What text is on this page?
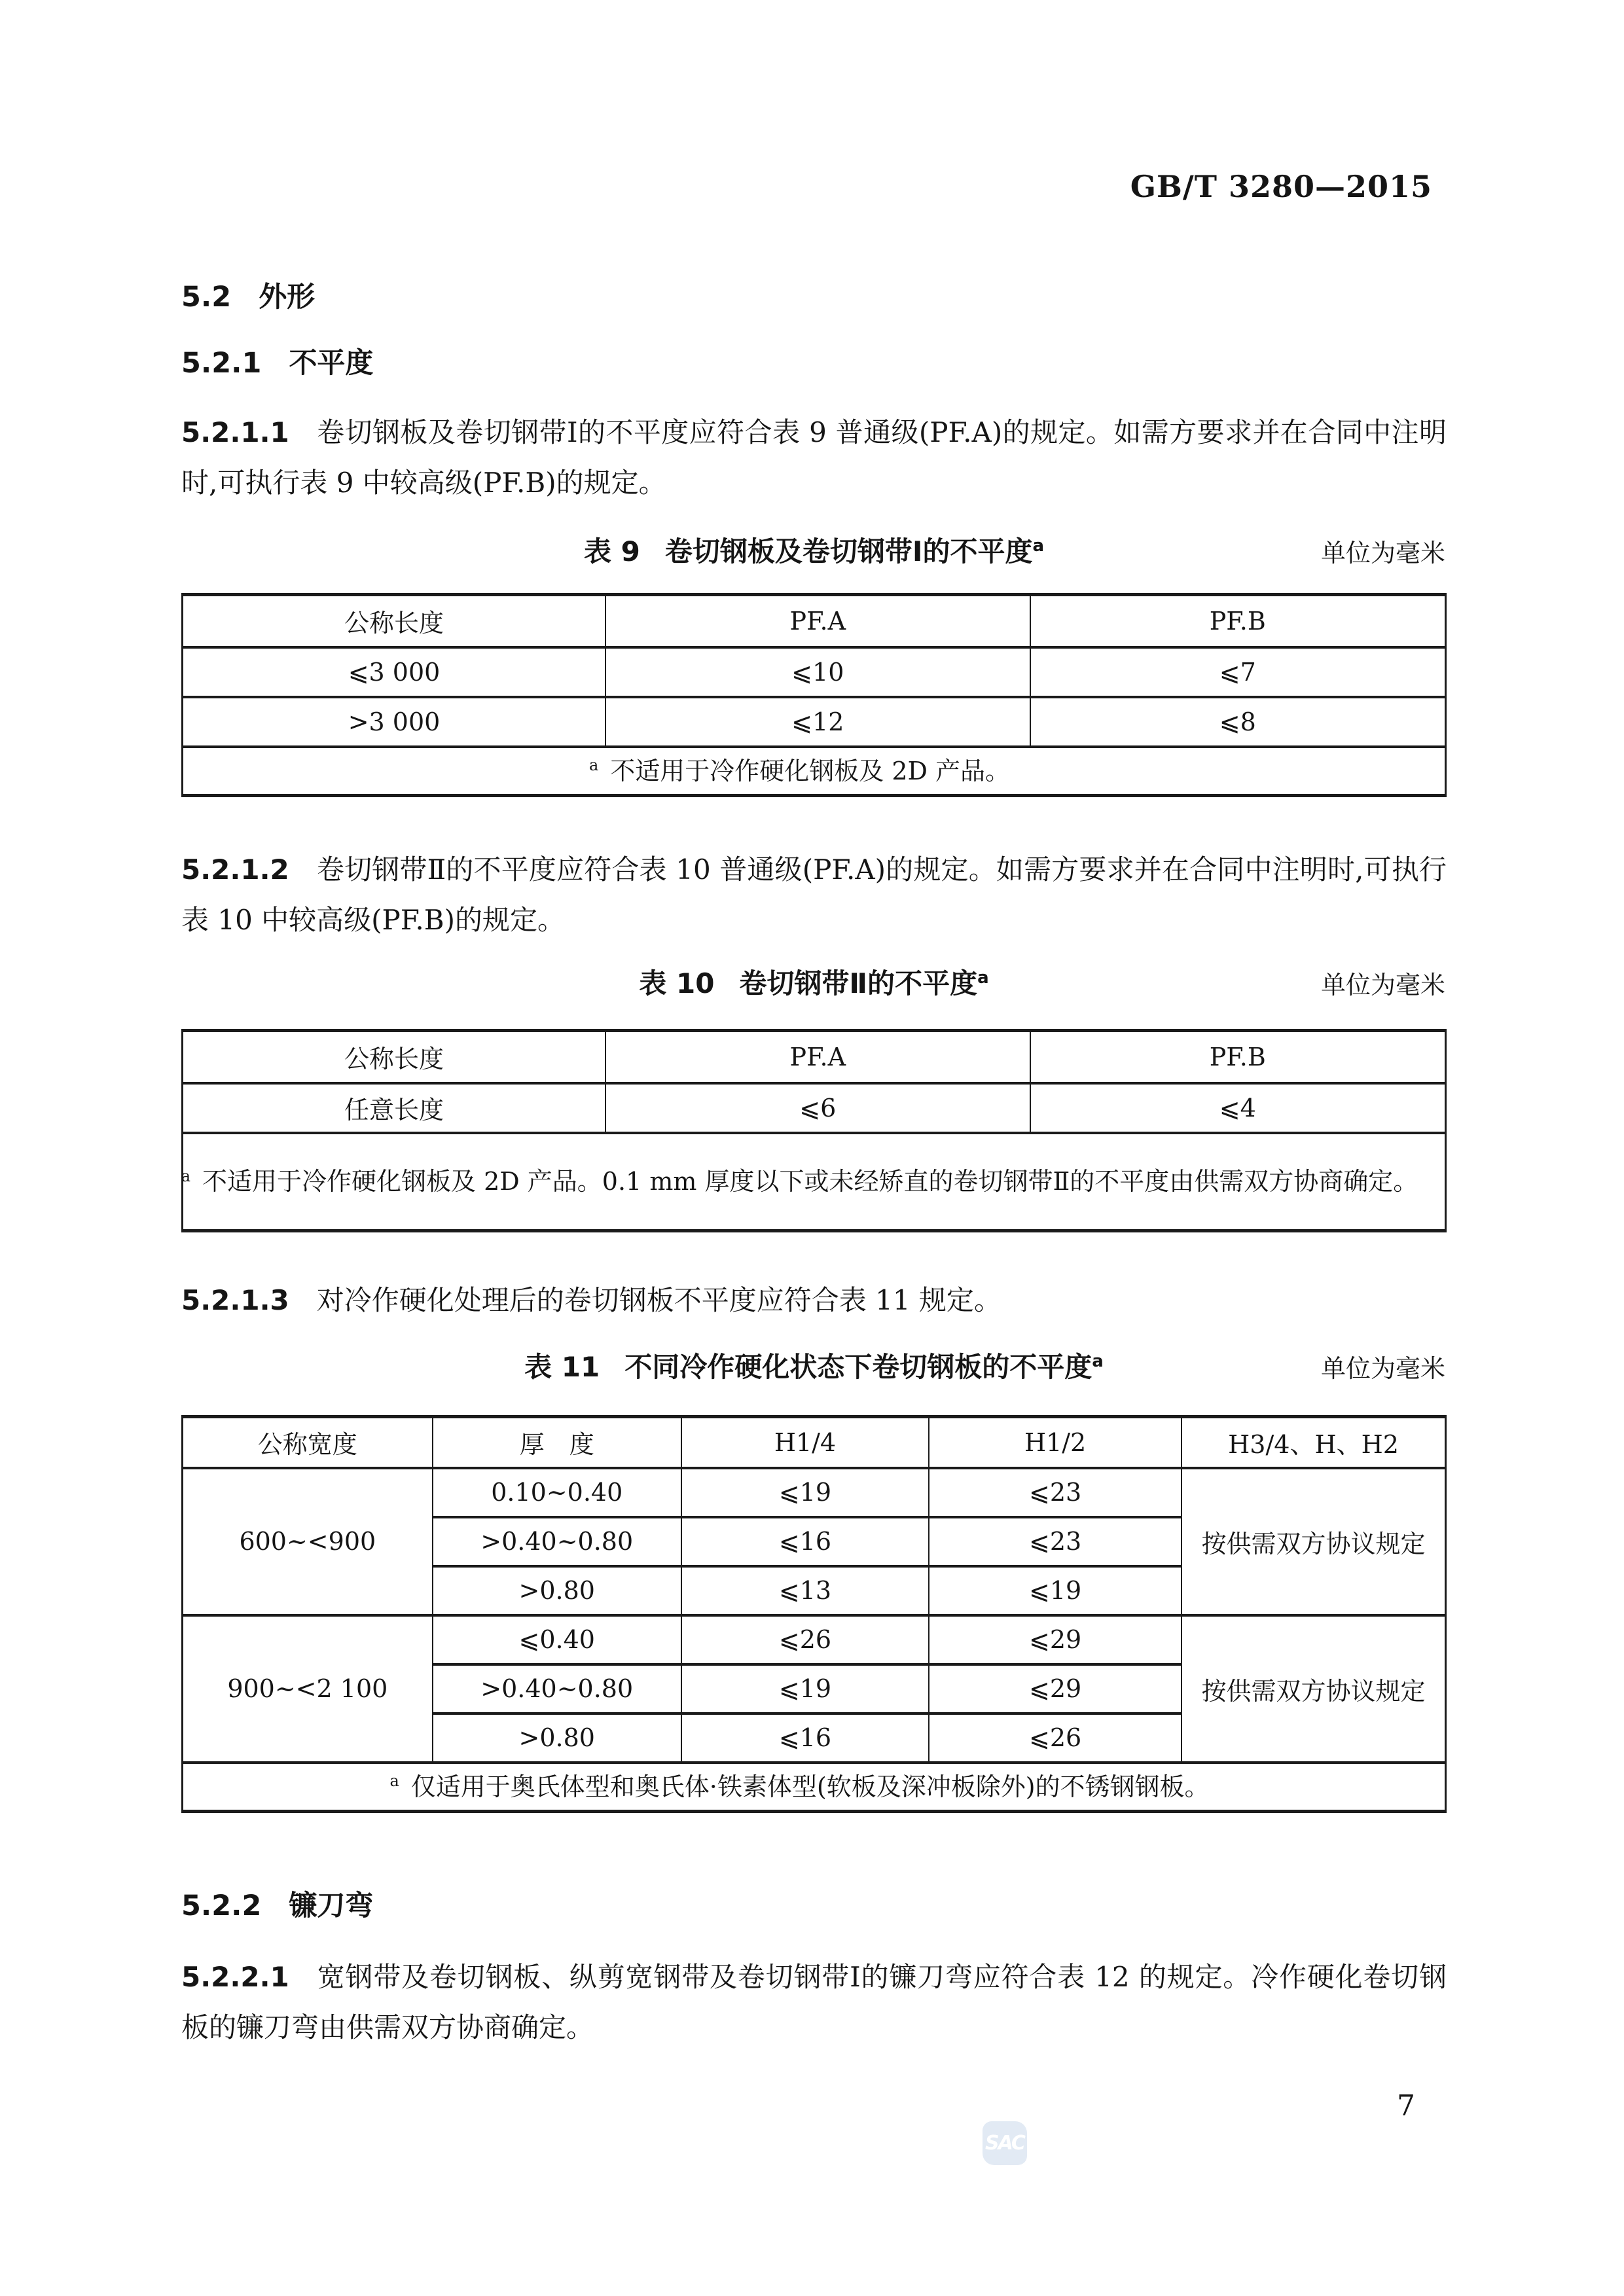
GB/T 3280—2015
5.2 外形
5.2.1 不平度
5.2.1.1 卷切钢板及卷切钢带Ⅰ的不平度应符合表 9 普通级(PF.A)的规定。如需方要求并在合同中注明时,可执行表 9 中较高级(PF.B)的规定。
表 9 卷切钢板及卷切钢带Ⅰ的不平度$^a$	单位为毫米
公称长度	PF.A	PF.B
⩽3 000	⩽10	⩽7
>3 000	⩽12	⩽8
$^a$ 不适用于冷作硬化钢板及 2D 产品。		
5.2.1.2 卷切钢带Ⅱ的不平度应符合表 10 普通级(PF.A)的规定。如需方要求并在合同中注明时,可执行表 10 中较高级(PF.B)的规定。
表 10 卷切钢带Ⅱ的不平度$^a$	单位为毫米
公称长度	PF.A	PF.B
任意长度	⩽6	⩽4
$^a$ 不适用于冷作硬化钢板及 2D 产品。0.1 mm 厚度以下或未经矫直的卷切钢带Ⅱ的不平度由供需双方协商确定。		
5.2.1.3 对冷作硬化处理后的卷切钢板不平度应符合表 11 规定。
表 11 不同冷作硬化状态下卷切钢板的不平度$^a$	单位为毫米
公称宽度	厚　度	H1/4	H1/2	H3/4、H、H2
600~<900	0.10~0.40	⩽19	⩽23	按供需双方协议规定
	>0.40~0.80	⩽16	⩽23	
	>0.80	⩽13	⩽19	
900~<2 100	⩽0.40	⩽26	⩽29	按供需双方协议规定
	>0.40~0.80	⩽19	⩽29	
	>0.80	⩽16	⩽26	
$^a$ 仅适用于奥氏体型和奥氏体·铁素体型(软板及深冲板除外)的不锈钢钢板。				
5.2.2 镰刀弯
5.2.2.1 宽钢带及卷切钢板、纵剪宽钢带及卷切钢带Ⅰ的镰刀弯应符合表 12 的规定。冷作硬化卷切钢板的镰刀弯由供需双方协商确定。
7
SAC
